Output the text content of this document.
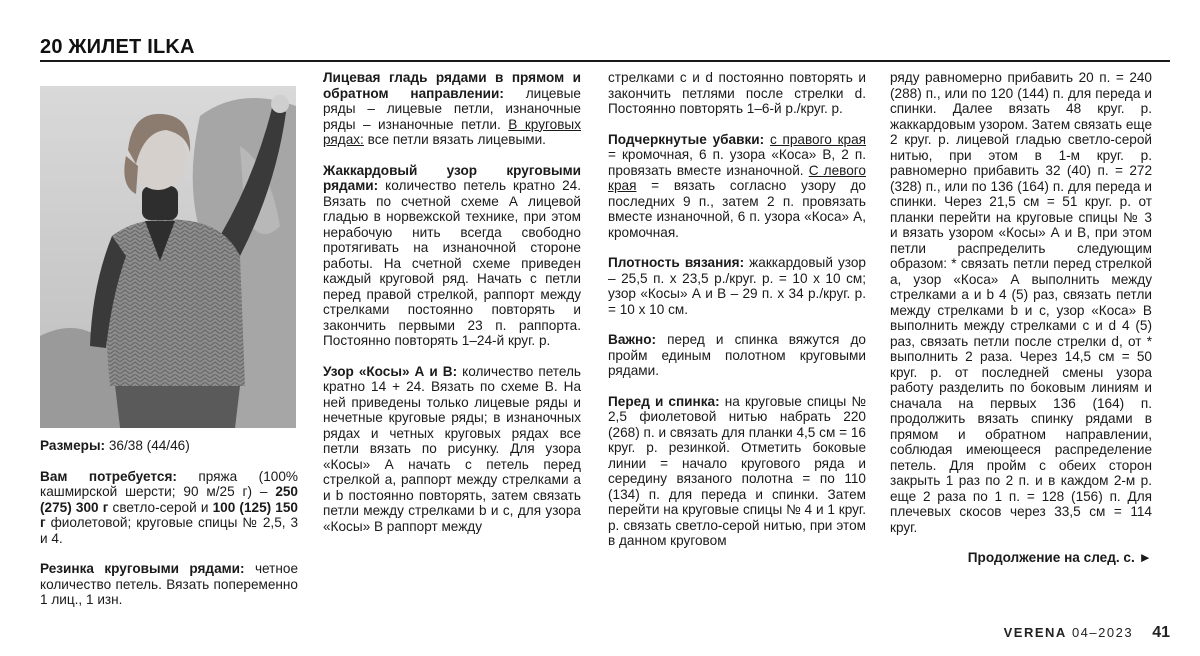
20 ЖИЛЕТ ILKA

Размеры: 36/38 (44/46)

Вам потребуется: пряжа (100% кашмирской шерсти; 90 м/25 г) – 250 (275) 300 г светло-серой и 100 (125) 150 г фиолетовой; круговые спицы № 2,5, 3 и 4.

Резинка круговыми рядами: четное количество петель. Вязать попеременно 1 лиц., 1 изн.

Лицевая гладь рядами в прямом и обратном направлении: лицевые ряды – лицевые петли, изнаночные ряды – изнаночные петли. В круговых рядах: все петли вязать лицевыми.

Жаккардовый узор круговыми рядами: количество петель кратно 24. Вязать по счетной схеме А лицевой гладью в норвежской технике, при этом нерабочую нить всегда свободно протягивать на изнаночной стороне работы. На счетной схеме приведен каждый круговой ряд. Начать с петли перед правой стрелкой, раппорт между стрелками постоянно повторять и закончить первыми 23 п. раппорта. Постоянно повторять 1–24-й круг. р.

Узор «Косы» А и В: количество петель кратно 14 + 24. Вязать по схеме В. На ней приведены только лицевые ряды и нечетные круговые ряды; в изнаночных рядах и четных круговых рядах все петли вязать по рисунку. Для узора «Косы» А начать с петель перед стрелкой a, раппорт между стрелками а и b постоянно повторять, затем связать петли между стрелками b и c, для узора «Косы» В раппорт между

стрелками с и d постоянно повторять и закончить петлями после стрелки d. Постоянно повторять 1–6-й р./круг. р.

Подчеркнутые убавки: с правого края = кромочная, 6 п. узора «Коса» В, 2 п. провязать вместе изнаночной. С левого края = вязать согласно узору до последних 9 п., затем 2 п. провязать вместе изнаночной, 6 п. узора «Коса» А, кромочная.

Плотность вязания: жаккардовый узор – 25,5 п. х 23,5 р./круг. р. = 10 х 10 см; узор «Косы» А и В – 29 п. х 34 р./круг. р. = 10 х 10 см.

Важно: перед и спинка вяжутся до пройм единым полотном круговыми рядами.

Перед и спинка: на круговые спицы № 2,5 фиолетовой нитью набрать 220 (268) п. и связать для планки 4,5 см = 16 круг. р. резинкой. Отметить боковые линии = начало кругового ряда и середину вязаного полотна = по 110 (134) п. для переда и спинки. Затем перейти на круговые спицы № 4 и 1 круг. р. связать светло-серой нитью, при этом в данном круговом

ряду равномерно прибавить 20 п. = 240 (288) п., или по 120 (144) п. для переда и спинки. Далее вязать 48 круг. р. жаккардовым узором. Затем связать еще 2 круг. р. лицевой гладью светло-серой нитью, при этом в 1-м круг. р. равномерно прибавить 32 (40) п. = 272 (328) п., или по 136 (164) п. для переда и спинки. Через 21,5 см = 51 круг. р. от планки перейти на круговые спицы № 3 и вязать узором «Косы» А и В, при этом петли распределить следующим образом: * связать петли перед стрелкой а, узор «Коса» А выполнить между стрелками а и b 4 (5) раз, связать петли между стрелками b и с, узор «Коса» В выполнить между стрелками с и d 4 (5) раз, связать петли после стрелки d, от * выполнить 2 раза. Через 14,5 см = 50 круг. р. от последней смены узора работу разделить по боковым линиям и сначала на первых 136 (164) п. продолжить вязать спинку рядами в прямом и обратном направлении, соблюдая имеющееся распределение петель. Для пройм с обеих сторон закрыть 1 раз по 2 п. и в каждом 2-м р. еще 2 раза по 1 п. = 128 (156) п. Для плечевых скосов через 33,5 см = 114 круг.

Продолжение на след. с. ►
VERENA 04–2023 41
